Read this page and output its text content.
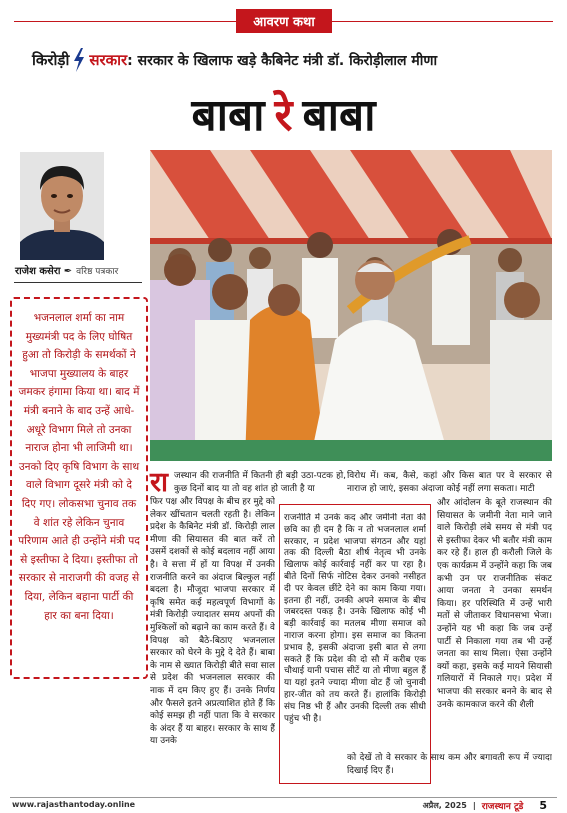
आवरण कथा
किरोड़ी सरकार : सरकार के खिलाफ खड़े कैबिनेट मंत्री डॉ. किरोड़ीलाल मीणा
बाबा रे बाबा
राजेश कसेरा ✒ वरिष्ठ पत्रकार
भजनलाल शर्मा का नाम मुख्यमंत्री पद के लिए घोषित हुआ तो किरोड़ी के समर्थकों ने भाजपा मुख्यालय के बाहर जमकर हंगामा किया था। बाद में मंत्री बनाने के बाद उन्हें आधे-अधूरे विभाग मिले तो उनका नाराज होना भी लाजिमी था। उनको दिए कृषि विभाग के साथ वाले विभाग दूसरे मंत्री को दे दिए गए। लोकसभा चुनाव तक वे शांत रहे लेकिन चुनाव परिणाम आते ही उन्होंने मंत्री पद से इस्तीफा दे दिया। इस्तीफा तो सरकार से नाराजगी की वजह से दिया, लेकिन बहाना पार्टी की हार का बना दिया।
रा जस्थान की राजनीति में कितनी ही बड़ी उठा-पटक हो, कुछ दिनों बाद या तो वह शांत हो जाती है या
फिर पक्ष और विपक्ष के बीच हर मुद्दे को लेकर खींचतान चलती रहती है। लेकिन प्रदेश के कैबिनेट मंत्री डॉ. किरोड़ी लाल मीणा की सियासत की बात करें तो उसमें दशकों से कोई बदलाव नहीं आया है। वे सत्ता में हों या विपक्ष में उनकी राजनीति करने का अंदाज बिल्कुल नहीं बदला है। मौजूदा भाजपा सरकार में कृषि समेत कई महत्वपूर्ण विभागों के मंत्री किरोड़ी ज्यादातर समय अपनों की मुश्किलों को बढ़ाने का काम करते हैं। वे विपक्ष को बैठे-बिठाए भजनलाल सरकार को घेरने के मुद्दे दे देते हैं। बाबा के नाम से ख्यात किरोड़ी बीते सवा साल से प्रदेश की भजनलाल सरकार की नाक में दम किए हुए हैं। उनके निर्णय और फैसले इतने अप्रत्याशित होते हैं कि कोई समझ ही नहीं पाता कि वे सरकार के अंदर हैं या बाहर। सरकार के साथ हैं या उनके
विरोध में। कब, कैसे, कहां और किस बात पर वे सरकार से नाराज हो जाएं, इसका अंदाजा कोई नहीं लगा सकता। माटी
राजनीति में उनके कद और जमीनी नेता की छवि का ही दम है कि न तो भजनलाल शर्मा सरकार, न प्रदेश भाजपा संगठन और यहां तक की दिल्ली बैठा शीर्ष नेतृत्व भी उनके खिलाफ कोई कार्रवाई नहीं कर पा रहा है। बीते दिनों सिर्फ नोटिस देकर उनको नसीहत दी पर केवल छींटे देने का काम किया गया। इतना ही नहीं, उनकी अपने समाज के बीच जबरदस्त पकड़ है। उनके खिलाफ कोई भी बड़ी कार्रवाई का मतलब मीणा समाज को नाराज करना होगा। इस समाज का कितना प्रभाव है, इसकी अंदाजा इसी बात से लगा सकते हैं कि प्रदेश की दो सौ में करीब एक चौथाई यानी पचास सीटें या तो मीणा बहुल हैं या यहां इतने ज्यादा मीणा वोट हैं जो चुनावी हार-जीत को तय करते हैं। हालांकि किरोड़ी संघ निष्ठ भी हैं और उनकी दिल्ली तक सीधी पहुंच भी है।
और आंदोलन के बूते राजस्थान की सियासत के जमीनी नेता माने जाने वाले किरोड़ी लंबे समय से मंत्री पद से इस्तीफा देकर भी बतौर मंत्री काम कर रहे हैं। हाल ही करौली जिले के एक कार्यक्रम में उन्होंने कहा कि जब कभी उन पर राजनीतिक संकट आया जनता ने उनका समर्थन किया। हर परिस्थिति में उन्हें भारी मतों से जीताकर विधानसभा भेजा। उन्होंने यह भी कहा कि जब उन्हें पार्टी से निकाला गया तब भी उन्हें जनता का साथ मिला। ऐसा उन्होंने क्यों कहा, इसके कई मायने सियासी गलियारों में निकाले गए। प्रदेश में भाजपा की सरकार बनने के बाद से उनके कामकाज करने की शैली
को देखें तो वे सरकार के साथ कम और बगावती रूप में ज्यादा दिखाई दिए हैं।
www.rajasthantoday.online	अप्रैल, 2025 | राजस्थान टूडे 5
